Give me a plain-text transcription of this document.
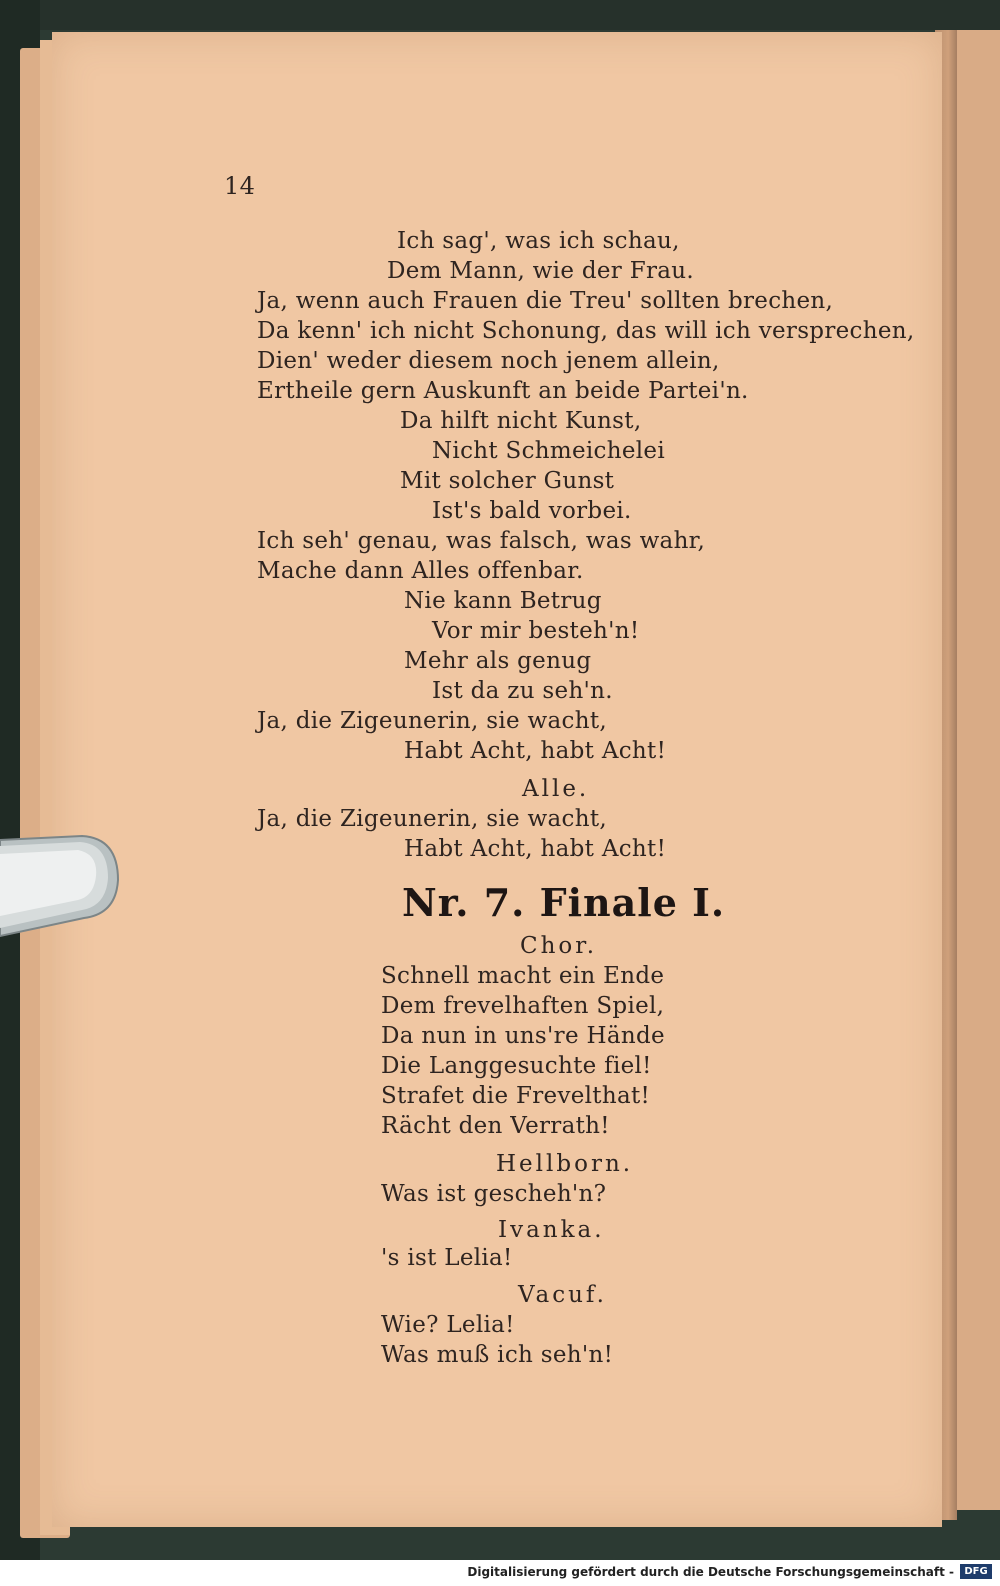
14
Ich sag', was ich schau,
Dem Mann, wie der Frau.
Ja, wenn auch Frauen die Treu' sollten brechen,
Da kenn' ich nicht Schonung, das will ich versprechen,
Dien' weder diesem noch jenem allein,
Ertheile gern Auskunft an beide Partei'n.
Da hilft nicht Kunst,
Nicht Schmeichelei
Mit solcher Gunst
Ist's bald vorbei.
Ich seh' genau, was falsch, was wahr,
Mache dann Alles offenbar.
Nie kann Betrug
Vor mir besteh'n!
Mehr als genug
Ist da zu seh'n.
Ja, die Zigeunerin, sie wacht,
Habt Acht, habt Acht!
Alle.
Ja, die Zigeunerin, sie wacht,
Habt Acht, habt Acht!
Nr. 7. Finale I.
Chor.
Schnell macht ein Ende
Dem frevelhaften Spiel,
Da nun in uns're Hände
Die Langgesuchte fiel!
Strafet die Frevelthat!
Rächt den Verrath!
Hellborn.
Was ist gescheh'n?
Ivanka.
's ist Lelia!
Vacuf.
Wie? Lelia!
Was muß ich seh'n!
Digitalisierung gefördert durch die Deutsche Forschungsgemeinschaft -	DFG
